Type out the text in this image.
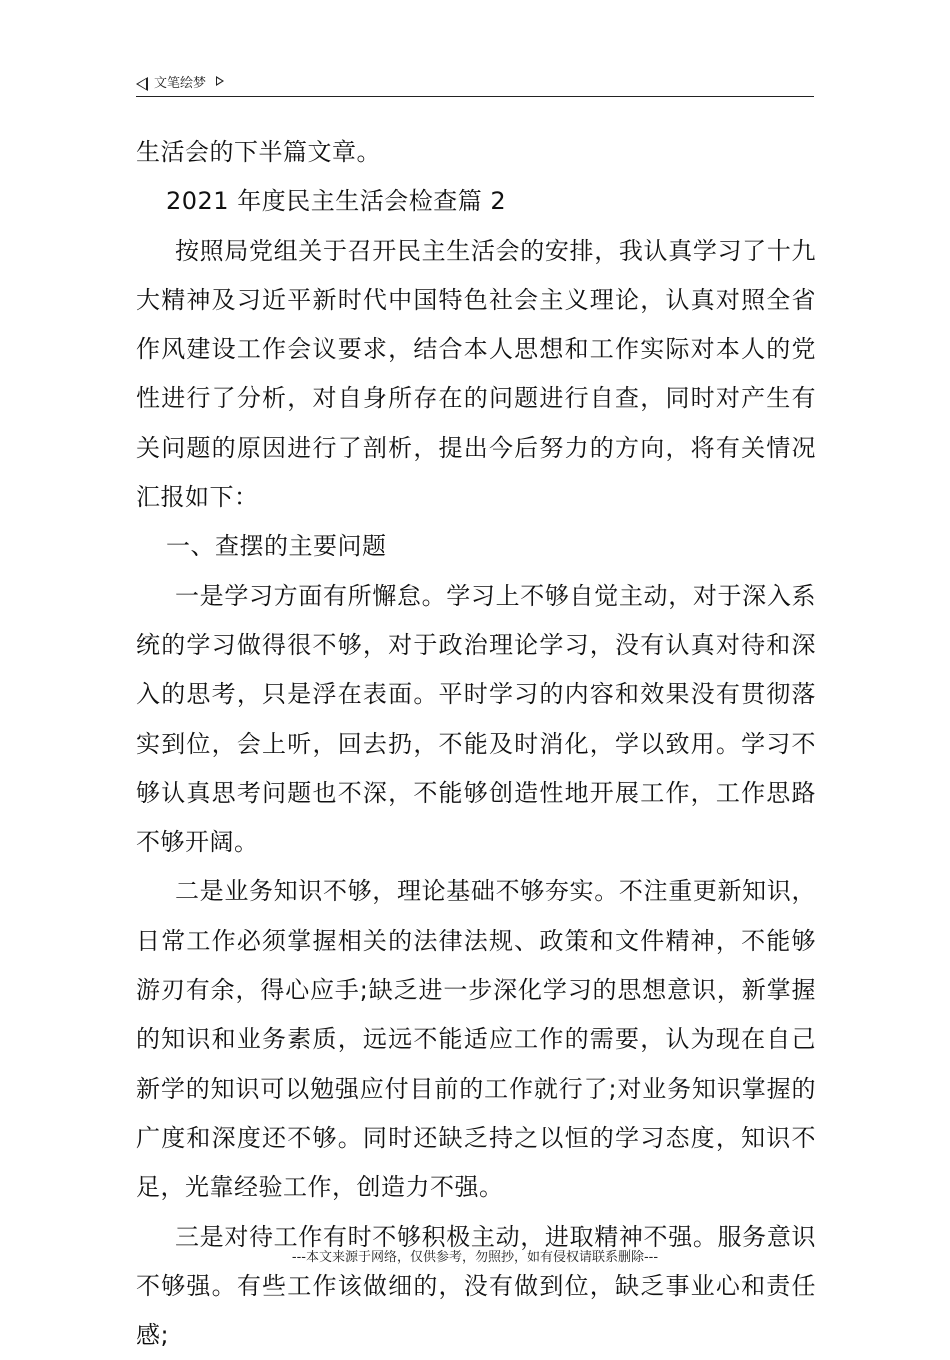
文笔绘梦

生活会的下半篇文章。

2021 年度民主生活会检查篇 2

按照局党组关于召开民主生活会的安排，我认真学习了十九大精神及习近平新时代中国特色社会主义理论，认真对照全省作风建设工作会议要求，结合本人思想和工作实际对本人的党性进行了分析，对自身所存在的问题进行自查，同时对产生有关问题的原因进行了剖析，提出今后努力的方向，将有关情况汇报如下：

一、查摆的主要问题

一是学习方面有所懈怠。学习上不够自觉主动，对于深入系统的学习做得很不够，对于政治理论学习，没有认真对待和深入的思考，只是浮在表面。平时学习的内容和效果没有贯彻落实到位，会上听，回去扔，不能及时消化，学以致用。学习不够认真思考问题也不深，不能够创造性地开展工作，工作思路不够开阔。

二是业务知识不够，理论基础不够夯实。不注重更新知识，日常工作必须掌握相关的法律法规、政策和文件精神，不能够游刃有余，得心应手;缺乏进一步深化学习的思想意识，新掌握的知识和业务素质，远远不能适应工作的需要，认为现在自己新学的知识可以勉强应付目前的工作就行了;对业务知识掌握的广度和深度还不够。同时还缺乏持之以恒的学习态度，知识不足，光靠经验工作，创造力不强。

三是对待工作有时不够积极主动，进取精神不强。服务意识不够强。有些工作该做细的，没有做到位，缺乏事业心和责任感;

---本文来源于网络，仅供参考，勿照抄，如有侵权请联系删除---
